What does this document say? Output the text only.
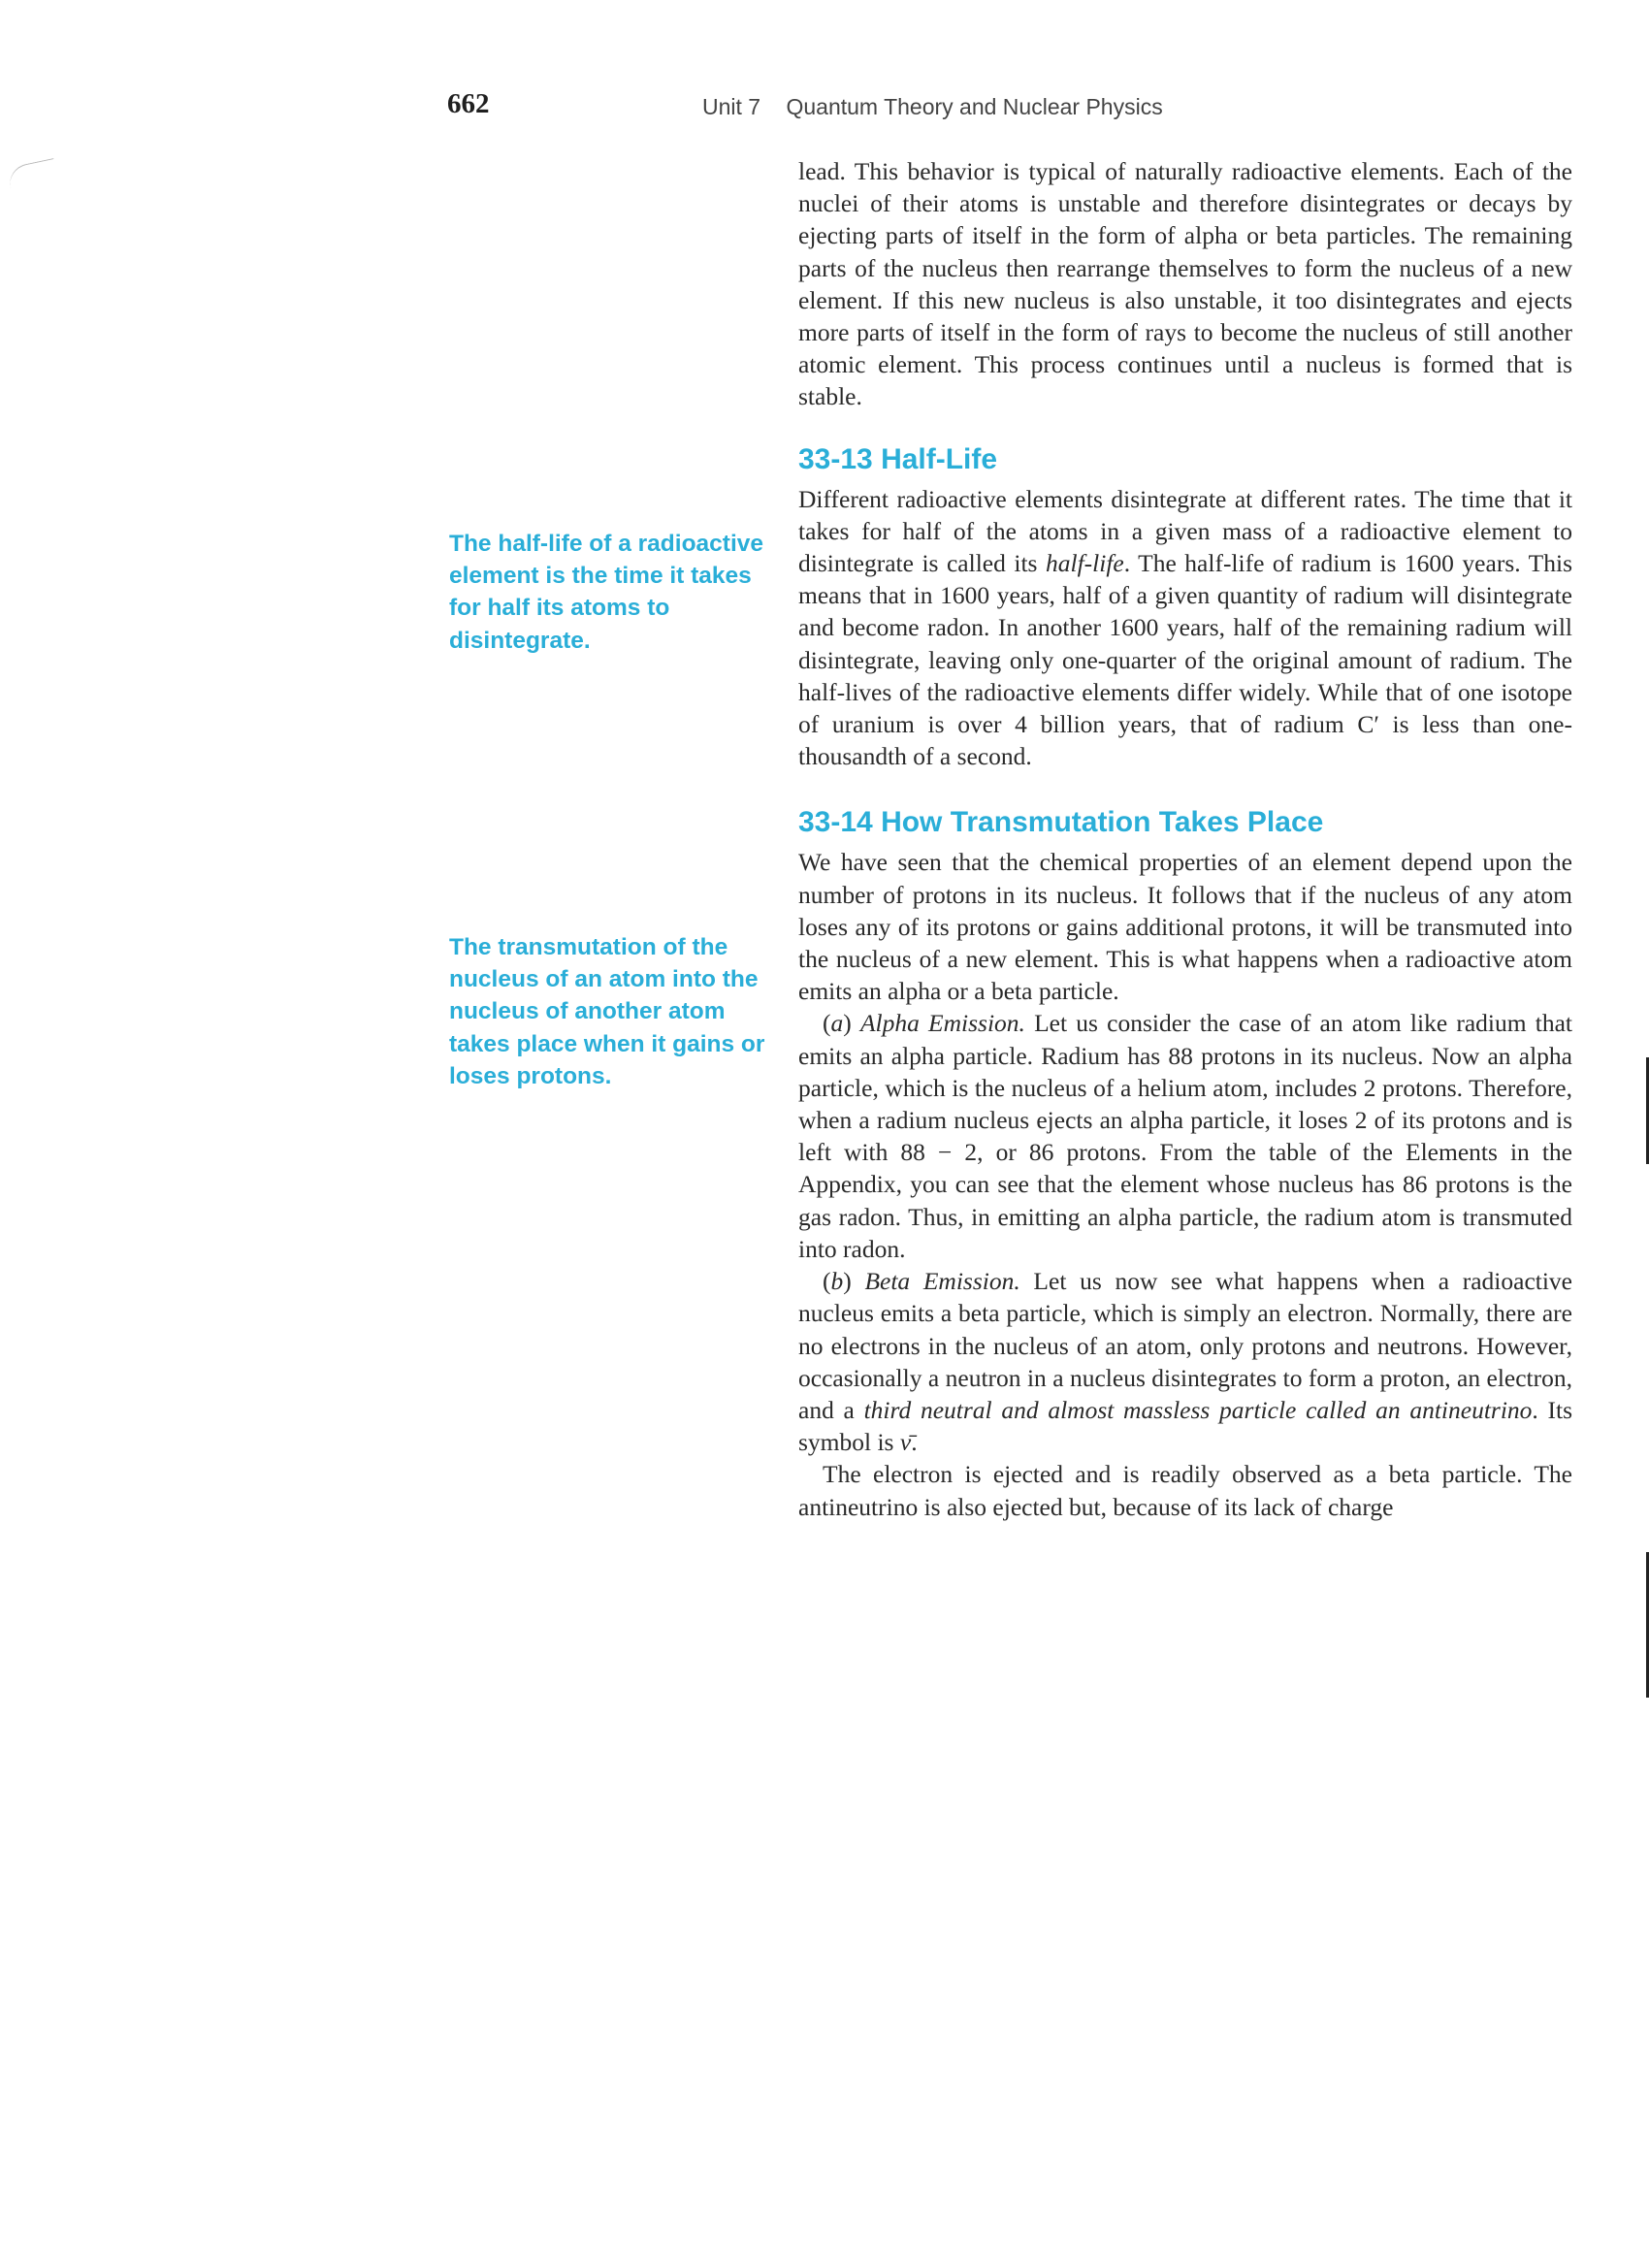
662	Unit 7 Quantum Theory and Nuclear Physics
The half-life of a radioactive element is the time it takes for half its atoms to disintegrate.
The transmutation of the nucleus of an atom into the nucleus of another atom takes place when it gains or loses protons.

lead. This behavior is typical of naturally radioactive elements. Each of the nuclei of their atoms is unstable and therefore disintegrates or decays by ejecting parts of itself in the form of alpha or beta particles. The remaining parts of the nucleus then rearrange themselves to form the nucleus of a new element. If this new nucleus is also unstable, it too disintegrates and ejects more parts of itself in the form of rays to become the nucleus of still another atomic element. This process continues until a nucleus is formed that is stable.

33-13 Half-Life

Different radioactive elements disintegrate at different rates. The time that it takes for half of the atoms in a given mass of a radioactive element to disintegrate is called its half-life. The half-life of radium is 1600 years. This means that in 1600 years, half of a given quantity of radium will disintegrate and become radon. In another 1600 years, half of the remaining radium will disintegrate, leaving only one-quarter of the original amount of radium. The half-lives of the radioactive elements differ widely. While that of one isotope of uranium is over 4 billion years, that of radium C′ is less than one-thousandth of a second.

33-14 How Transmutation Takes Place

We have seen that the chemical properties of an element depend upon the number of protons in its nucleus. It follows that if the nucleus of any atom loses any of its protons or gains additional protons, it will be transmuted into the nucleus of a new element. This is what happens when a radioactive atom emits an alpha or a beta particle.

(a) Alpha Emission. Let us consider the case of an atom like radium that emits an alpha particle. Radium has 88 protons in its nucleus. Now an alpha particle, which is the nucleus of a helium atom, includes 2 protons. Therefore, when a radium nucleus ejects an alpha particle, it loses 2 of its protons and is left with 88 − 2, or 86 protons. From the table of the Elements in the Appendix, you can see that the element whose nucleus has 86 protons is the gas radon. Thus, in emitting an alpha particle, the radium atom is transmuted into radon.

(b) Beta Emission. Let us now see what happens when a radioactive nucleus emits a beta particle, which is simply an electron. Normally, there are no electrons in the nucleus of an atom, only protons and neutrons. However, occasionally a neutron in a nucleus disintegrates to form a proton, an electron, and a third neutral and almost massless particle called an antineutrino. Its symbol is ν̄.

The electron is ejected and is readily observed as a beta particle. The antineutrino is also ejected but, because of its lack of charge
